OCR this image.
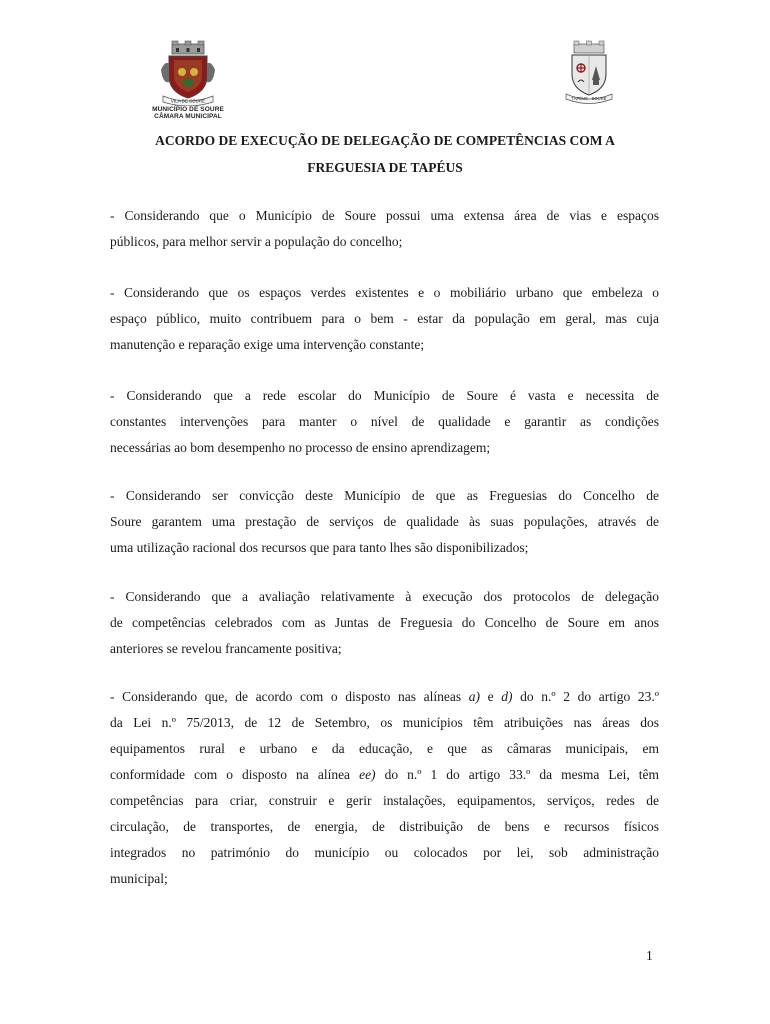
VILA DE SOURE
MUNICÍPIO DE SOURE
CÂMARA MUNICIPAL
TAPÉUS - SOURE
ACORDO DE EXECUÇÃO DE DELEGAÇÃO DE COMPETÊNCIAS COM A
FREGUESIA DE TAPÉUS

- Considerando que o Município de Soure possui uma extensa área de vias e espaços
públicos, para melhor servir a população do concelho;

- Considerando que os espaços verdes existentes e o mobiliário urbano que embeleza o
espaço público, muito contribuem para o bem - estar da população em geral, mas cuja
manutenção e reparação exige uma intervenção constante;

- Considerando que a rede escolar do Município de Soure é vasta e necessita de
constantes intervenções para manter o nível de qualidade e garantir as condições
necessárias ao bom desempenho no processo de ensino aprendizagem;

- Considerando ser convicção deste Município de que as Freguesias do Concelho de
Soure garantem uma prestação de serviços de qualidade às suas populações, através de
uma utilização racional dos recursos que para tanto lhes são disponibilizados;

- Considerando que a avaliação relativamente à execução dos protocolos de delegação
de competências celebrados com as Juntas de Freguesia do Concelho de Soure em anos
anteriores se revelou francamente positiva;

- Considerando que, de acordo com o disposto nas alíneas a) e d) do n.º 2 do artigo 23.º
da Lei n.º 75/2013, de 12 de Setembro, os municípios têm atribuições nas áreas dos
equipamentos rural e urbano e da educação, e que as câmaras municipais, em
conformidade com o disposto na alínea ee) do n.º 1 do artigo 33.º da mesma Lei, têm
competências para criar, construir e gerir instalações, equipamentos, serviços, redes de
circulação, de transportes, de energia, de distribuição de bens e recursos físicos
integrados no património do município ou colocados por lei, sob administração
municipal;

1
